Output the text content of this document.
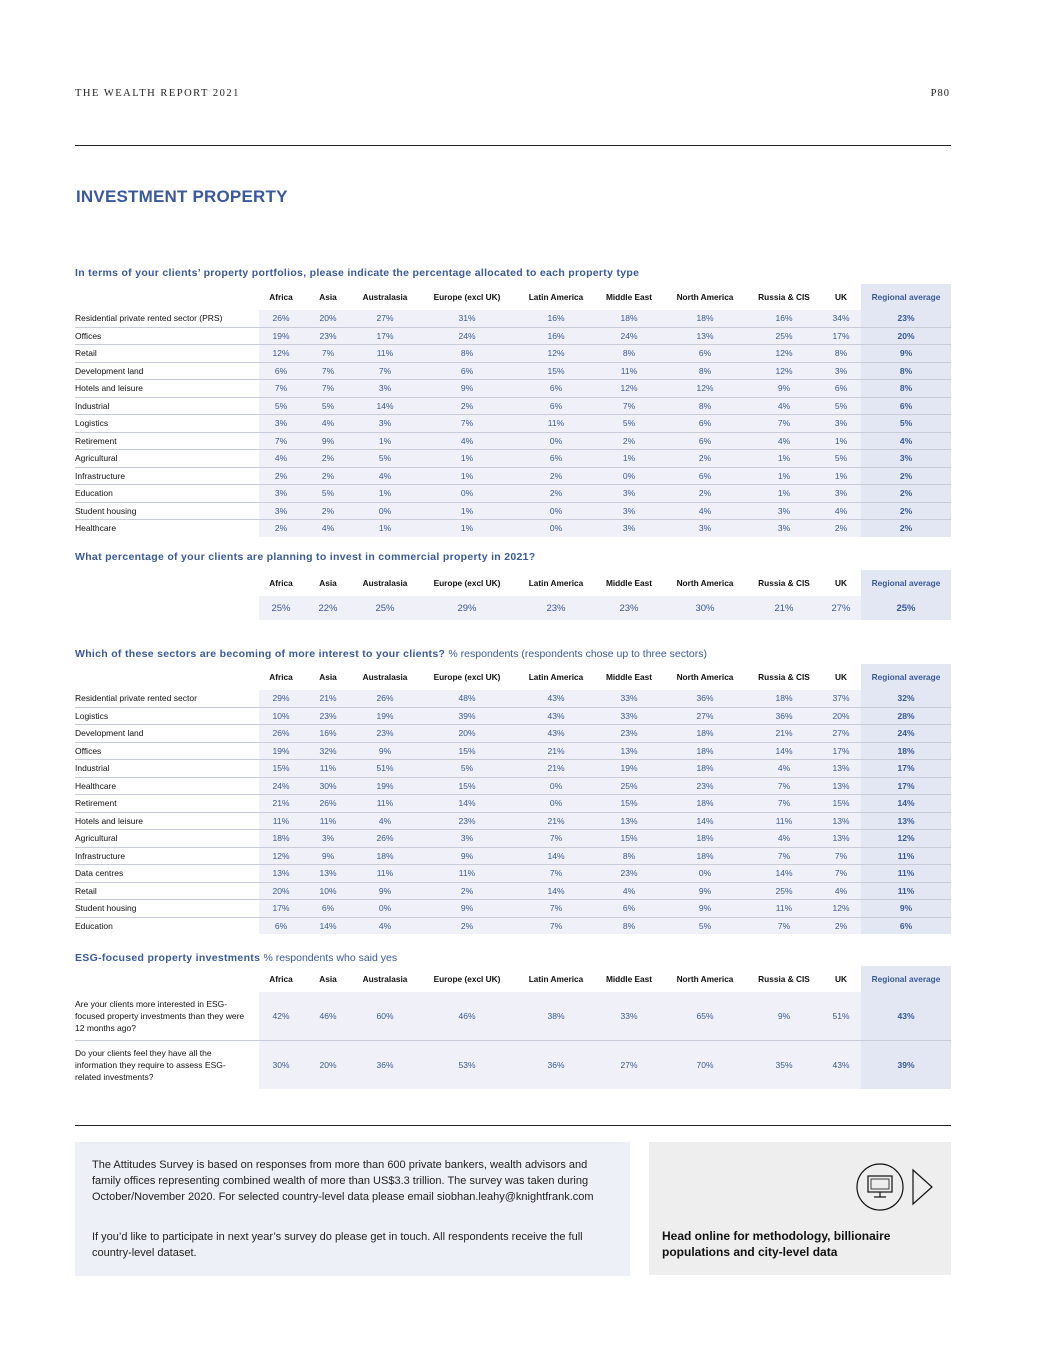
THE WEALTH REPORT 2021	P80
INVESTMENT PROPERTY
In terms of your clients’ property portfolios, please indicate the percentage allocated to each property type
	Africa	Asia	Australasia	Europe (excl UK)	Latin America	Middle East	North America	Russia & CIS	UK	Regional average
Residential private rented sector (PRS)	26%	20%	27%	31%	16%	18%	18%	16%	34%	23%
Offices	19%	23%	17%	24%	16%	24%	13%	25%	17%	20%
Retail	12%	7%	11%	8%	12%	8%	6%	12%	8%	9%
Development land	6%	7%	7%	6%	15%	11%	8%	12%	3%	8%
Hotels and leisure	7%	7%	3%	9%	6%	12%	12%	9%	6%	8%
Industrial	5%	5%	14%	2%	6%	7%	8%	4%	5%	6%
Logistics	3%	4%	3%	7%	11%	5%	6%	7%	3%	5%
Retirement	7%	9%	1%	4%	0%	2%	6%	4%	1%	4%
Agricultural	4%	2%	5%	1%	6%	1%	2%	1%	5%	3%
Infrastructure	2%	2%	4%	1%	2%	0%	6%	1%	1%	2%
Education	3%	5%	1%	0%	2%	3%	2%	1%	3%	2%
Student housing	3%	2%	0%	1%	0%	3%	4%	3%	4%	2%
Healthcare	2%	4%	1%	1%	0%	3%	3%	3%	2%	2%
What percentage of your clients are planning to invest in commercial property in 2021?
	Africa	Asia	Australasia	Europe (excl UK)	Latin America	Middle East	North America	Russia & CIS	UK	Regional average
	25%	22%	25%	29%	23%	23%	30%	21%	27%	25%
Which of these sectors are becoming of more interest to your clients? % respondents (respondents chose up to three sectors)
	Africa	Asia	Australasia	Europe (excl UK)	Latin America	Middle East	North America	Russia & CIS	UK	Regional average
Residential private rented sector	29%	21%	26%	48%	43%	33%	36%	18%	37%	32%
Logistics	10%	23%	19%	39%	43%	33%	27%	36%	20%	28%
Development land	26%	16%	23%	20%	43%	23%	18%	21%	27%	24%
Offices	19%	32%	9%	15%	21%	13%	18%	14%	17%	18%
Industrial	15%	11%	51%	5%	21%	19%	18%	4%	13%	17%
Healthcare	24%	30%	19%	15%	0%	25%	23%	7%	13%	17%
Retirement	21%	26%	11%	14%	0%	15%	18%	7%	15%	14%
Hotels and leisure	11%	11%	4%	23%	21%	13%	14%	11%	13%	13%
Agricultural	18%	3%	26%	3%	7%	15%	18%	4%	13%	12%
Infrastructure	12%	9%	18%	9%	14%	8%	18%	7%	7%	11%
Data centres	13%	13%	11%	11%	7%	23%	0%	14%	7%	11%
Retail	20%	10%	9%	2%	14%	4%	9%	25%	4%	11%
Student housing	17%	6%	0%	9%	7%	6%	9%	11%	12%	9%
Education	6%	14%	4%	2%	7%	8%	5%	7%	2%	6%
ESG-focused property investments % respondents who said yes
	Africa	Asia	Australasia	Europe (excl UK)	Latin America	Middle East	North America	Russia & CIS	UK	Regional average
Are your clients more interested in ESG-focused property investments than they were 12 months ago?	42%	46%	60%	46%	38%	33%	65%	9%	51%	43%
Do your clients feel they have all the information they require to assess ESG-related investments?	30%	20%	36%	53%	36%	27%	70%	35%	43%	39%

The Attitudes Survey is based on responses from more than 600 private bankers, wealth advisors and family offices representing combined wealth of more than US$3.3 trillion. The survey was taken during October/November 2020. For selected country-level data please email siobhan.leahy@knightfrank.com

If you’d like to participate in next year’s survey do please get in touch. All respondents receive the full country-level dataset.

Head online for methodology, billionaire populations and city-level data
